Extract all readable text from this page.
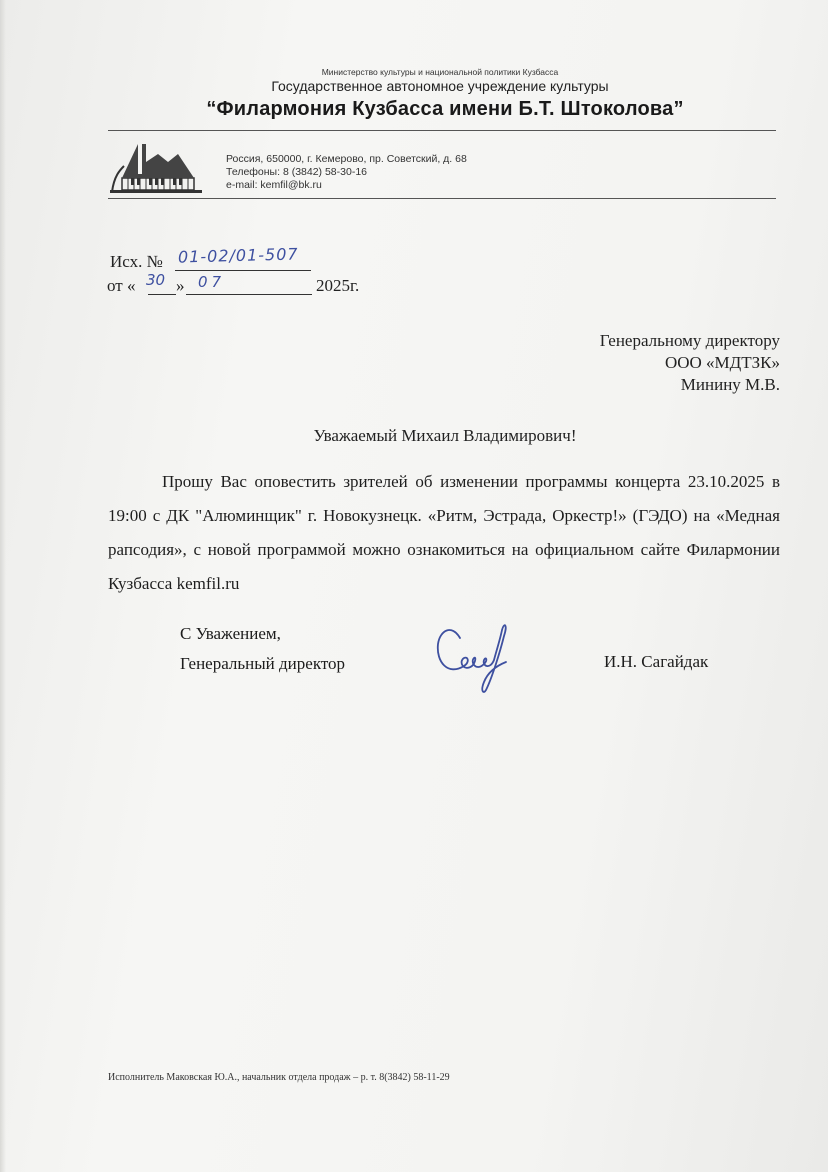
Министерство культуры и национальной политики Кузбасса
Государственное автономное учреждение культуры
“Филармония Кузбасса имени Б.Т. Штоколова”
Россия, 650000, г. Кемерово, пр. Советский, д. 68
Телефоны: 8 (3842) 58-30-16
e-mail: kemfil@bk.ru
Исх. № 01-02/01-507
от « 30 » 07	2025г.
Генеральному директору
ООО «МДТЗК»
Минину М.В.
Уважаемый Михаил Владимирович!
Прошу Вас оповестить зрителей об изменении программы концерта 23.10.2025 в 19:00 с ДК "Алюминщик" г. Новокузнецк. «Ритм, Эстрада, Оркестр!» (ГЭДО) на «Медная рапсодия», с новой программой можно ознакомиться на официальном сайте Филармонии Кузбасса kemfil.ru
С Уважением,
Генеральный директор	И.Н. Сагайдак
Исполнитель Маковская Ю.А., начальник отдела продаж – р. т. 8(3842) 58-11-29
